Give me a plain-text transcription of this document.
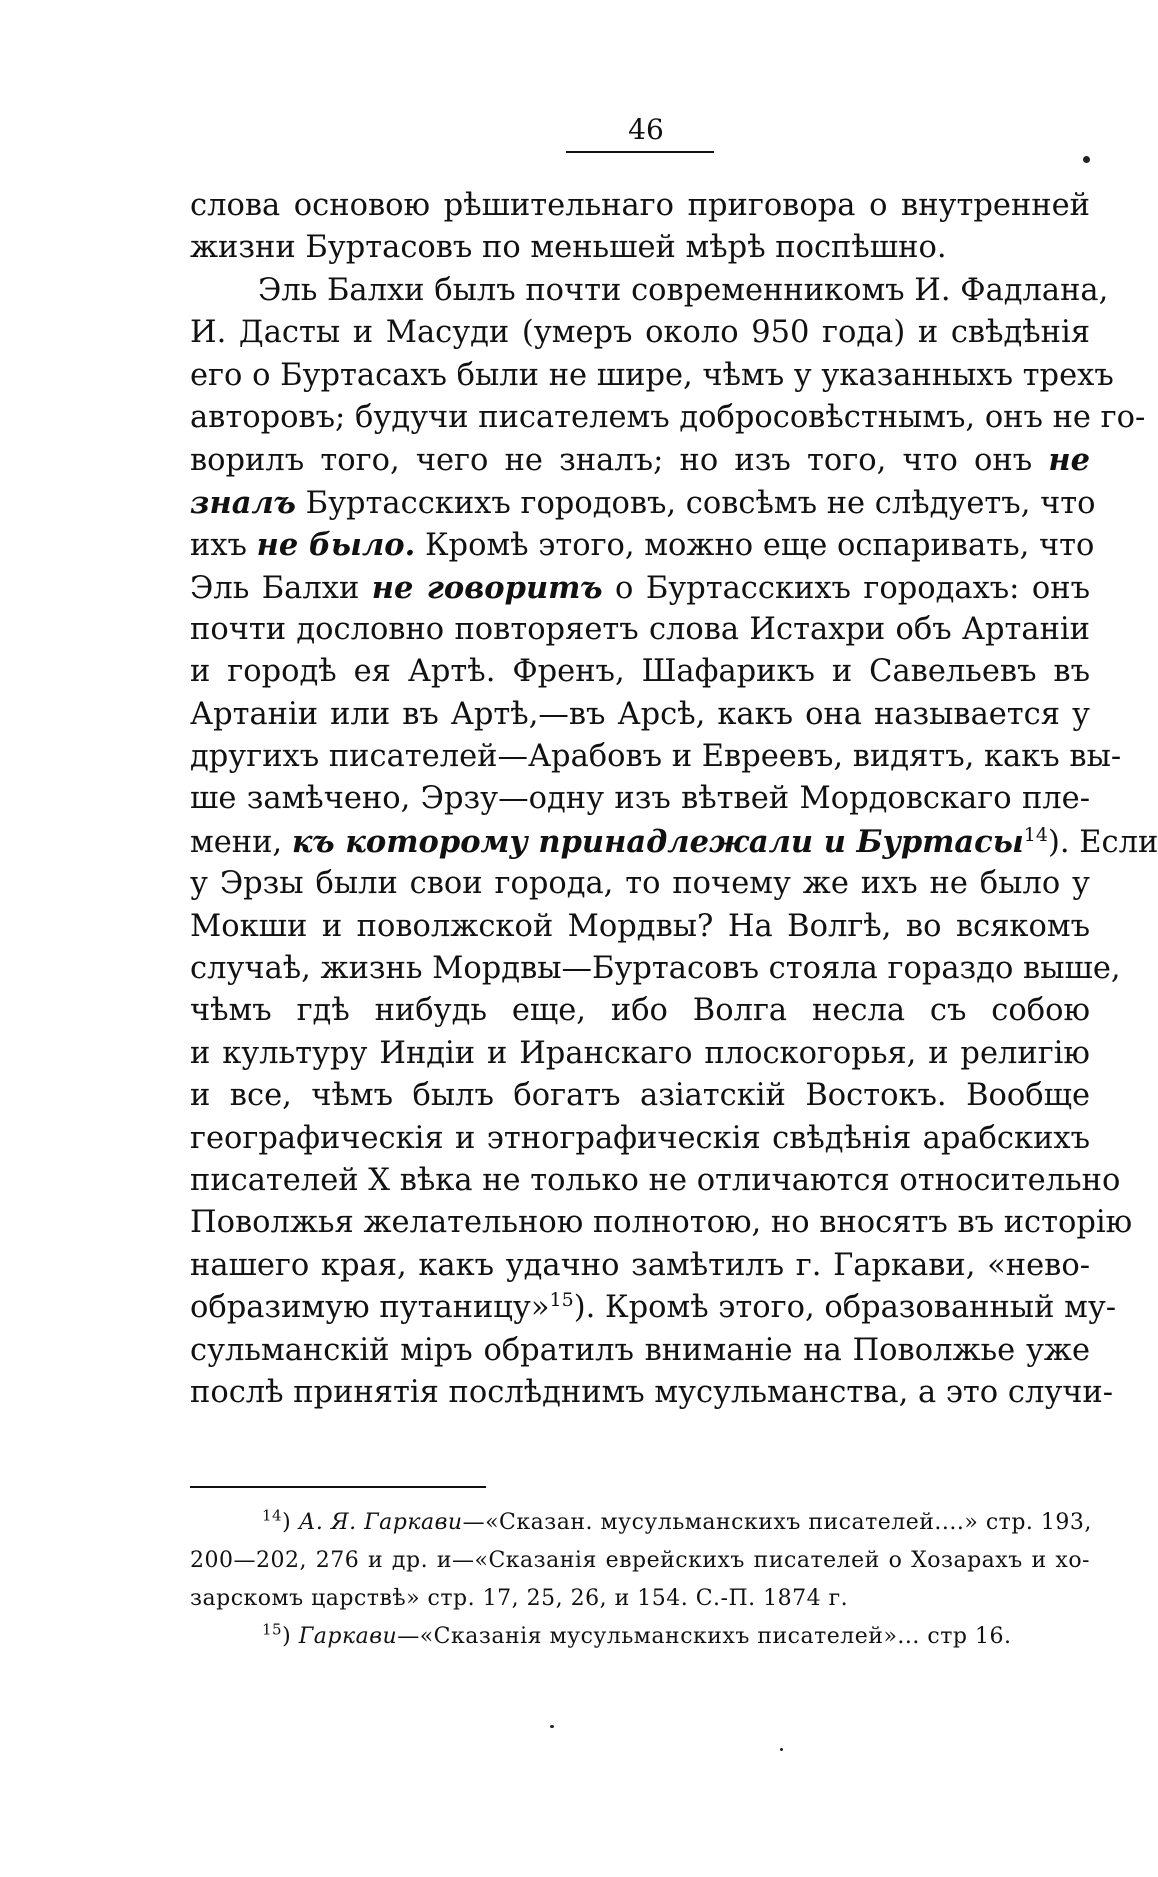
46
слова основою рѣшительнаго приговора о внутренней
жизни Буртасовъ по меньшей мѣрѣ поспѣшно.
Эль Балхи былъ почти современникомъ И. Фадлана,
И. Дасты и Масуди (умеръ около 950 года) и свѣдѣнія
его о Буртасахъ были не шире, чѣмъ у указанныхъ трехъ
авторовъ; будучи писателемъ добросовѣстнымъ, онъ не го-
ворилъ того, чего не зналъ; но изъ того, что онъ не
зналъ Буртасскихъ городовъ, совсѣмъ не слѣдуетъ, что
ихъ не было. Кромѣ этого, можно еще оспаривать, что
Эль Балхи не говоритъ о Буртасскихъ городахъ: онъ
почти дословно повторяетъ слова Истахри объ Артаніи
и городѣ ея Артѣ. Френъ, Шафарикъ и Савельевъ въ
Артаніи или въ Артѣ,—въ Арсѣ, какъ она называется у
другихъ писателей—Арабовъ и Евреевъ, видятъ, какъ вы-
ше замѣчено, Эрзу—одну изъ вѣтвей Мордовскаго пле-
мени, къ которому принадлежали и Буртасы$^{14}$). Если
у Эрзы были свои города, то почему же ихъ не было у
Мокши и поволжской Мордвы? На Волгѣ, во всякомъ
случаѣ, жизнь Мордвы—Буртасовъ стояла гораздо выше,
чѣмъ гдѣ нибудь еще, ибо Волга несла съ собою
и культуру Индіи и Иранскаго плоскогорья, и религію
и все, чѣмъ былъ богатъ азіатскій Востокъ. Вообще
географическія и этнографическія свѣдѣнія арабскихъ
писателей X вѣка не только не отличаются относительно
Поволжья желательною полнотою, но вносятъ въ исторію
нашего края, какъ удачно замѣтилъ г. Гаркави, «нево-
образимую путаницу»$^{15}$). Кромѣ этого, образованный му-
сульманскій міръ обратилъ вниманіе на Поволжье уже
послѣ принятія послѣднимъ мусульманства, а это случи-
$^{14}$) А. Я. Гаркави—«Сказан. мусульманскихъ писателей....» стр. 193,
200—202, 276 и др. и—«Сказанія еврейскихъ писателей о Хозарахъ и хо-
зарскомъ царствѣ» стр. 17, 25, 26, и 154. С.-П. 1874 г.
$^{15}$) Гаркави—«Сказанія мусульманскихъ писателей»... стр 16.
